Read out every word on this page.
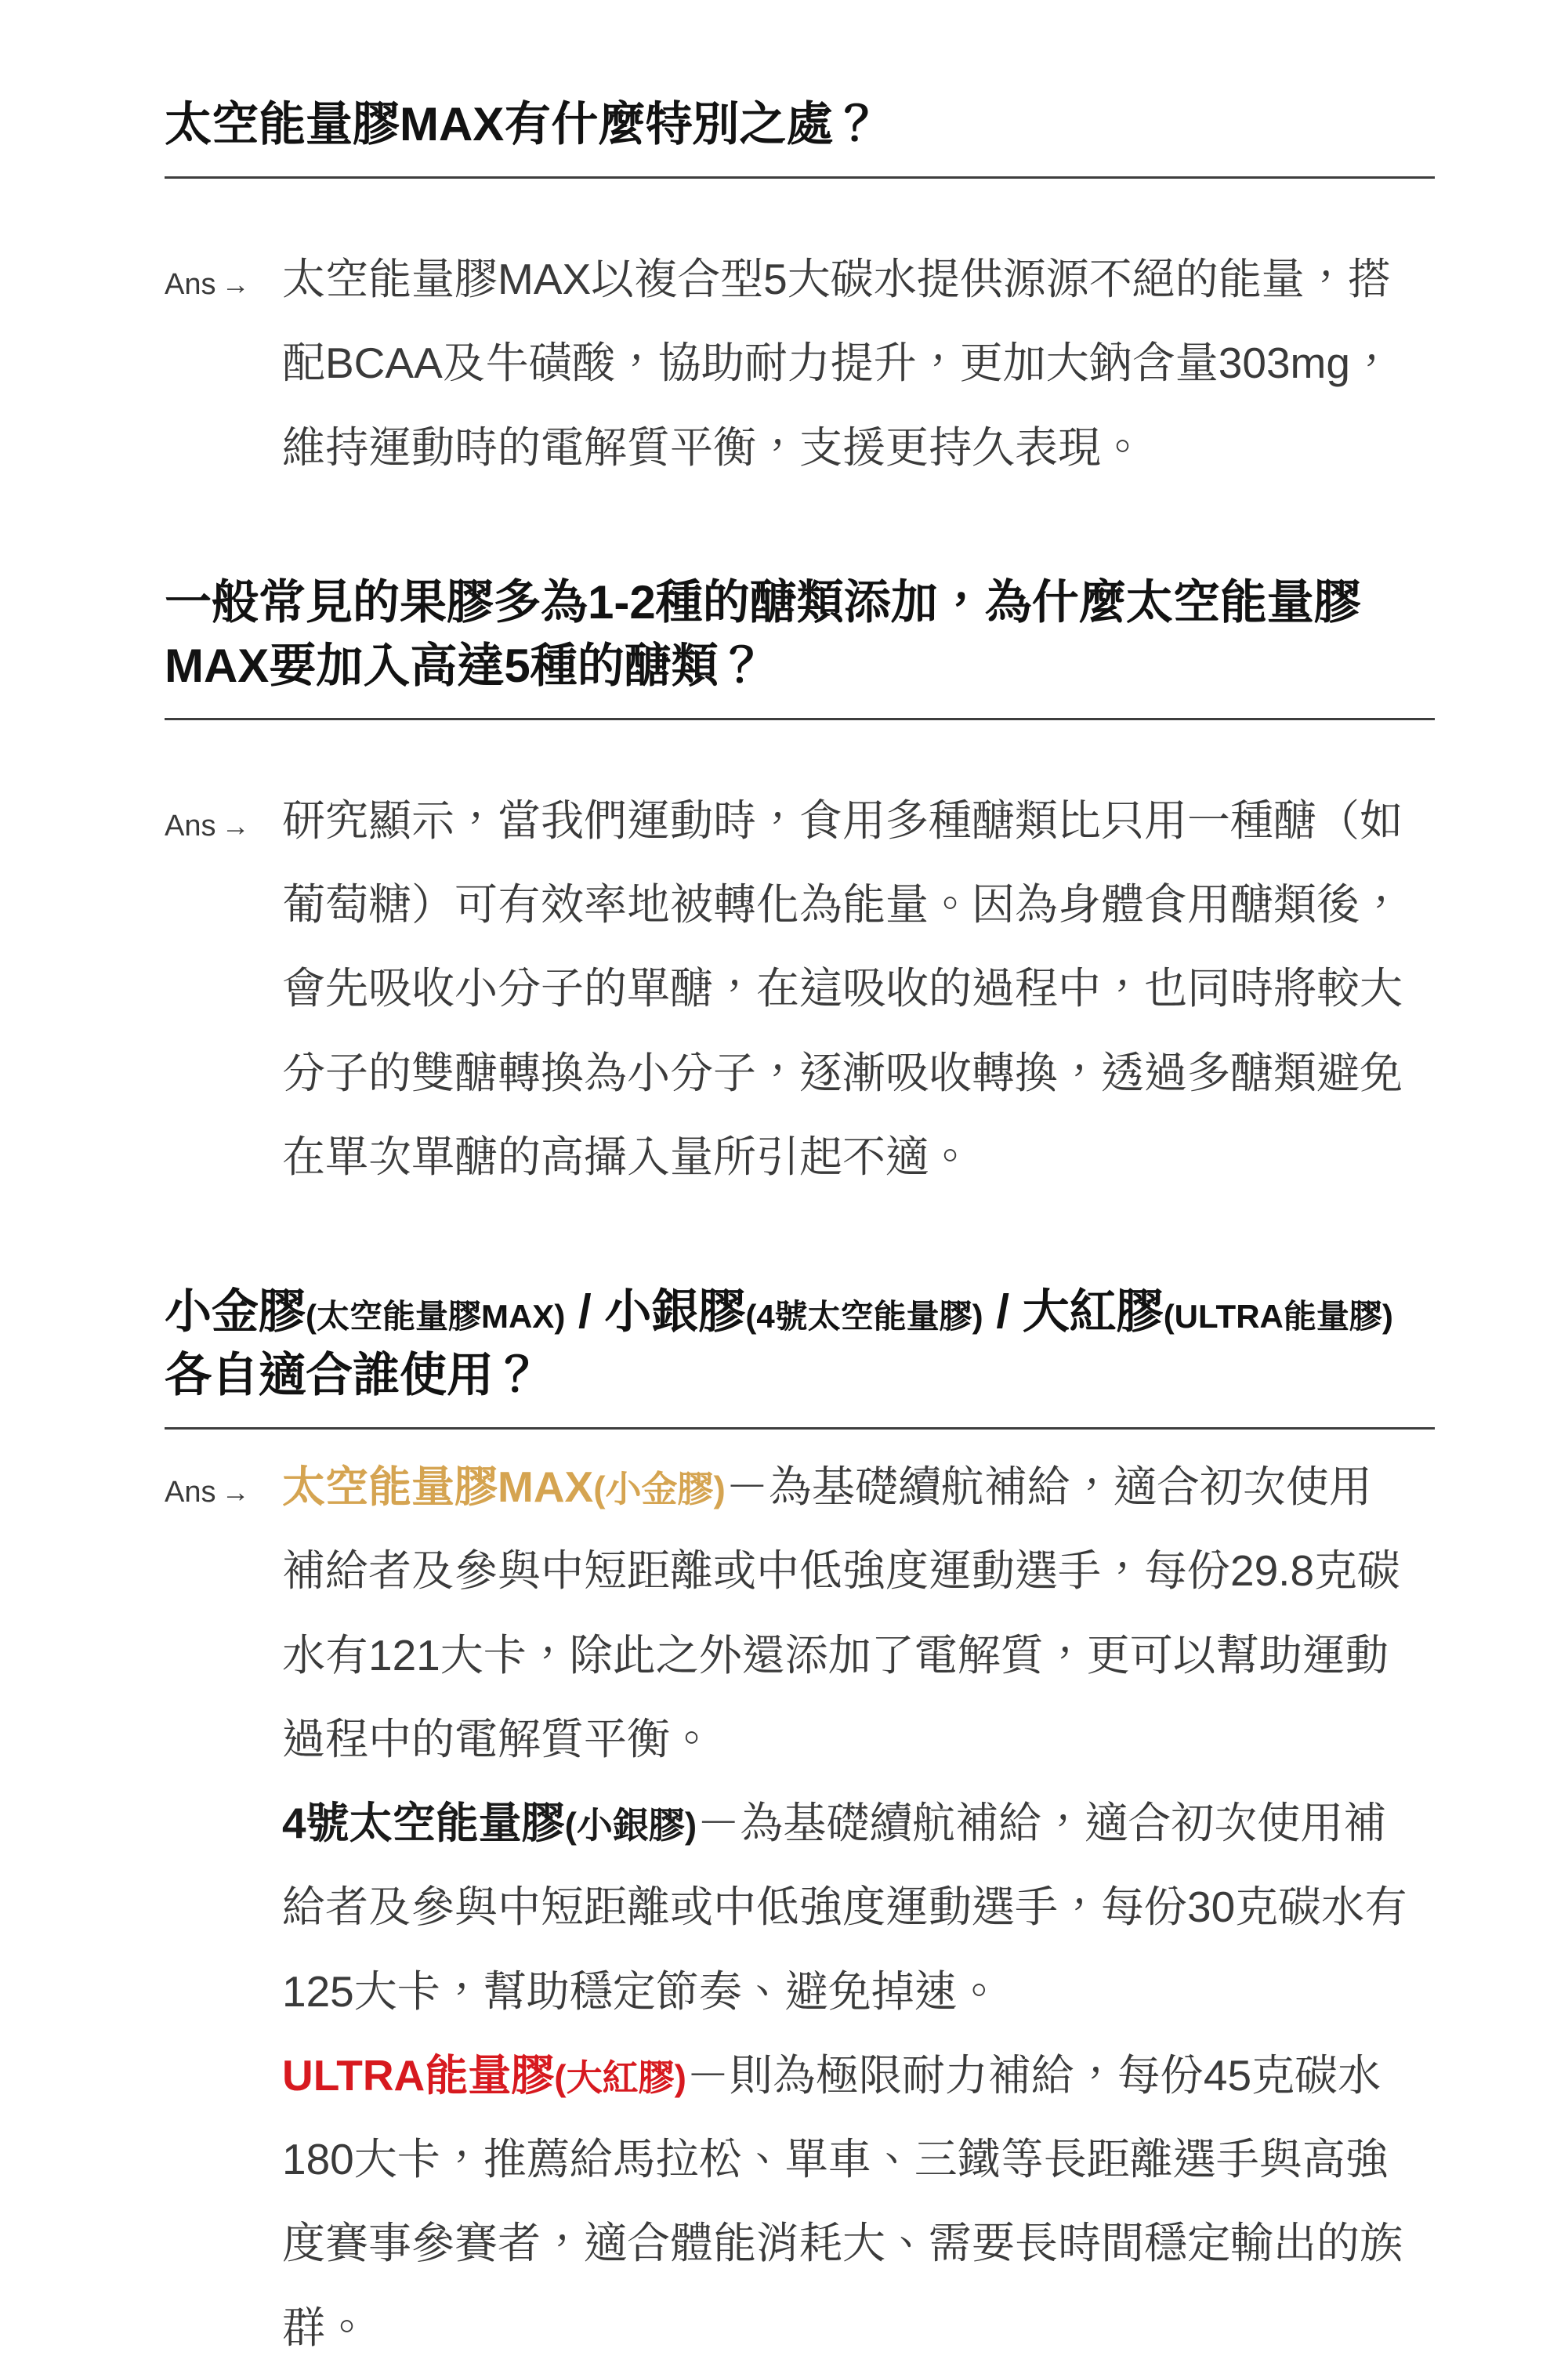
太空能量膠MAX有什麼特別之處？
Ans → 太空能量膠MAX以複合型5大碳水提供源源不絕的能量，搭配BCAA及牛磺酸，協助耐力提升，更加大鈉含量303mg，維持運動時的電解質平衡，支援更持久表現。

一般常見的果膠多為1-2種的醣類添加，為什麼太空能量膠MAX要加入高達5種的醣類？
Ans → 研究顯示，當我們運動時，食用多種醣類比只用一種醣（如葡萄糖）可有效率地被轉化為能量。因為身體食用醣類後，會先吸收小分子的單醣，在這吸收的過程中，也同時將較大分子的雙醣轉換為小分子，逐漸吸收轉換，透過多醣類避免在單次單醣的高攝入量所引起不適。

小金膠(太空能量膠MAX) / 小銀膠(4號太空能量膠) / 大紅膠(ULTRA能量膠) 各自適合誰使用？
Ans → 太空能量膠MAX(小金膠)－為基礎續航補給，適合初次使用補給者及參與中短距離或中低強度運動選手，每份29.8克碳水有121大卡，除此之外還添加了電解質，更可以幫助運動過程中的電解質平衡。

4號太空能量膠(小銀膠)－為基礎續航補給，適合初次使用補給者及參與中短距離或中低強度運動選手，每份30克碳水有125大卡，幫助穩定節奏、避免掉速。

ULTRA能量膠(大紅膠)－則為極限耐力補給，每份45克碳水180大卡，推薦給馬拉松、單車、三鐵等長距離選手與高強度賽事參賽者，適合體能消耗大、需要長時間穩定輸出的族群。
